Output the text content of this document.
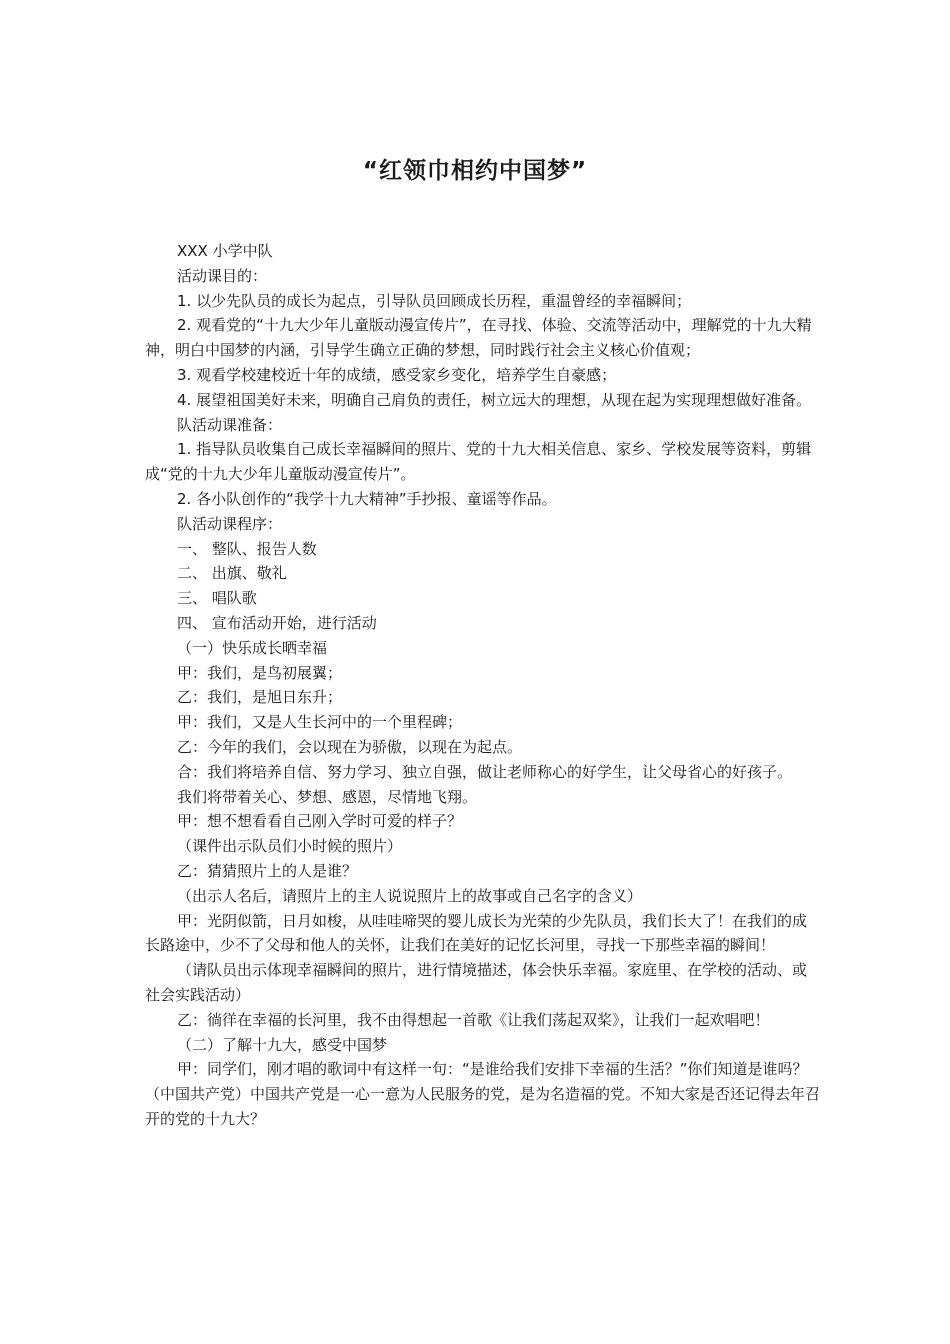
“红领巾相约中国梦”

XXX 小学中队

活动课目的：

1. 以少先队员的成长为起点，引导队员回顾成长历程，重温曾经的幸福瞬间；

2. 观看党的“十九大少年儿童版动漫宣传片”，在寻找、体验、交流等活动中，理解党的十九大精神，明白中国梦的内涵，引导学生确立正确的梦想，同时践行社会主义核心价值观；

3. 观看学校建校近十年的成绩，感受家乡变化，培养学生自豪感；

4. 展望祖国美好未来，明确自己肩负的责任，树立远大的理想，从现在起为实现理想做好准备。

队活动课准备：

1. 指导队员收集自己成长幸福瞬间的照片、党的十九大相关信息、家乡、学校发展等资料，剪辑成“党的十九大少年儿童版动漫宣传片”。

2. 各小队创作的“我学十九大精神”手抄报、童谣等作品。

队活动课程序：

一、 整队、报告人数

二、 出旗、敬礼

三、 唱队歌

四、 宣布活动开始，进行活动

（一）快乐成长晒幸福

甲：我们，是鸟初展翼；

乙：我们，是旭日东升；

甲：我们，又是人生长河中的一个里程碑；

乙：今年的我们，会以现在为骄傲，以现在为起点。

合：我们将培养自信、努力学习、独立自强，做让老师称心的好学生，让父母省心的好孩子。

我们将带着关心、梦想、感恩，尽情地飞翔。

甲：想不想看看自己刚入学时可爱的样子？

（课件出示队员们小时候的照片）

乙：猜猜照片上的人是谁？

（出示人名后，请照片上的主人说说照片上的故事或自己名字的含义）

甲：光阴似箭，日月如梭，从哇哇啼哭的婴儿成长为光荣的少先队员，我们长大了！在我们的成长路途中，少不了父母和他人的关怀，让我们在美好的记忆长河里，寻找一下那些幸福的瞬间！

（请队员出示体现幸福瞬间的照片，进行情境描述，体会快乐幸福。家庭里、在学校的活动、或社会实践活动）

乙：徜徉在幸福的长河里，我不由得想起一首歌《让我们荡起双桨》，让我们一起欢唱吧！

（二）了解十九大，感受中国梦

甲：同学们，刚才唱的歌词中有这样一句：“是谁给我们安排下幸福的生活？”你们知道是谁吗？（中国共产党）中国共产党是一心一意为人民服务的党，是为名造福的党。不知大家是否还记得去年召开的党的十九大？
